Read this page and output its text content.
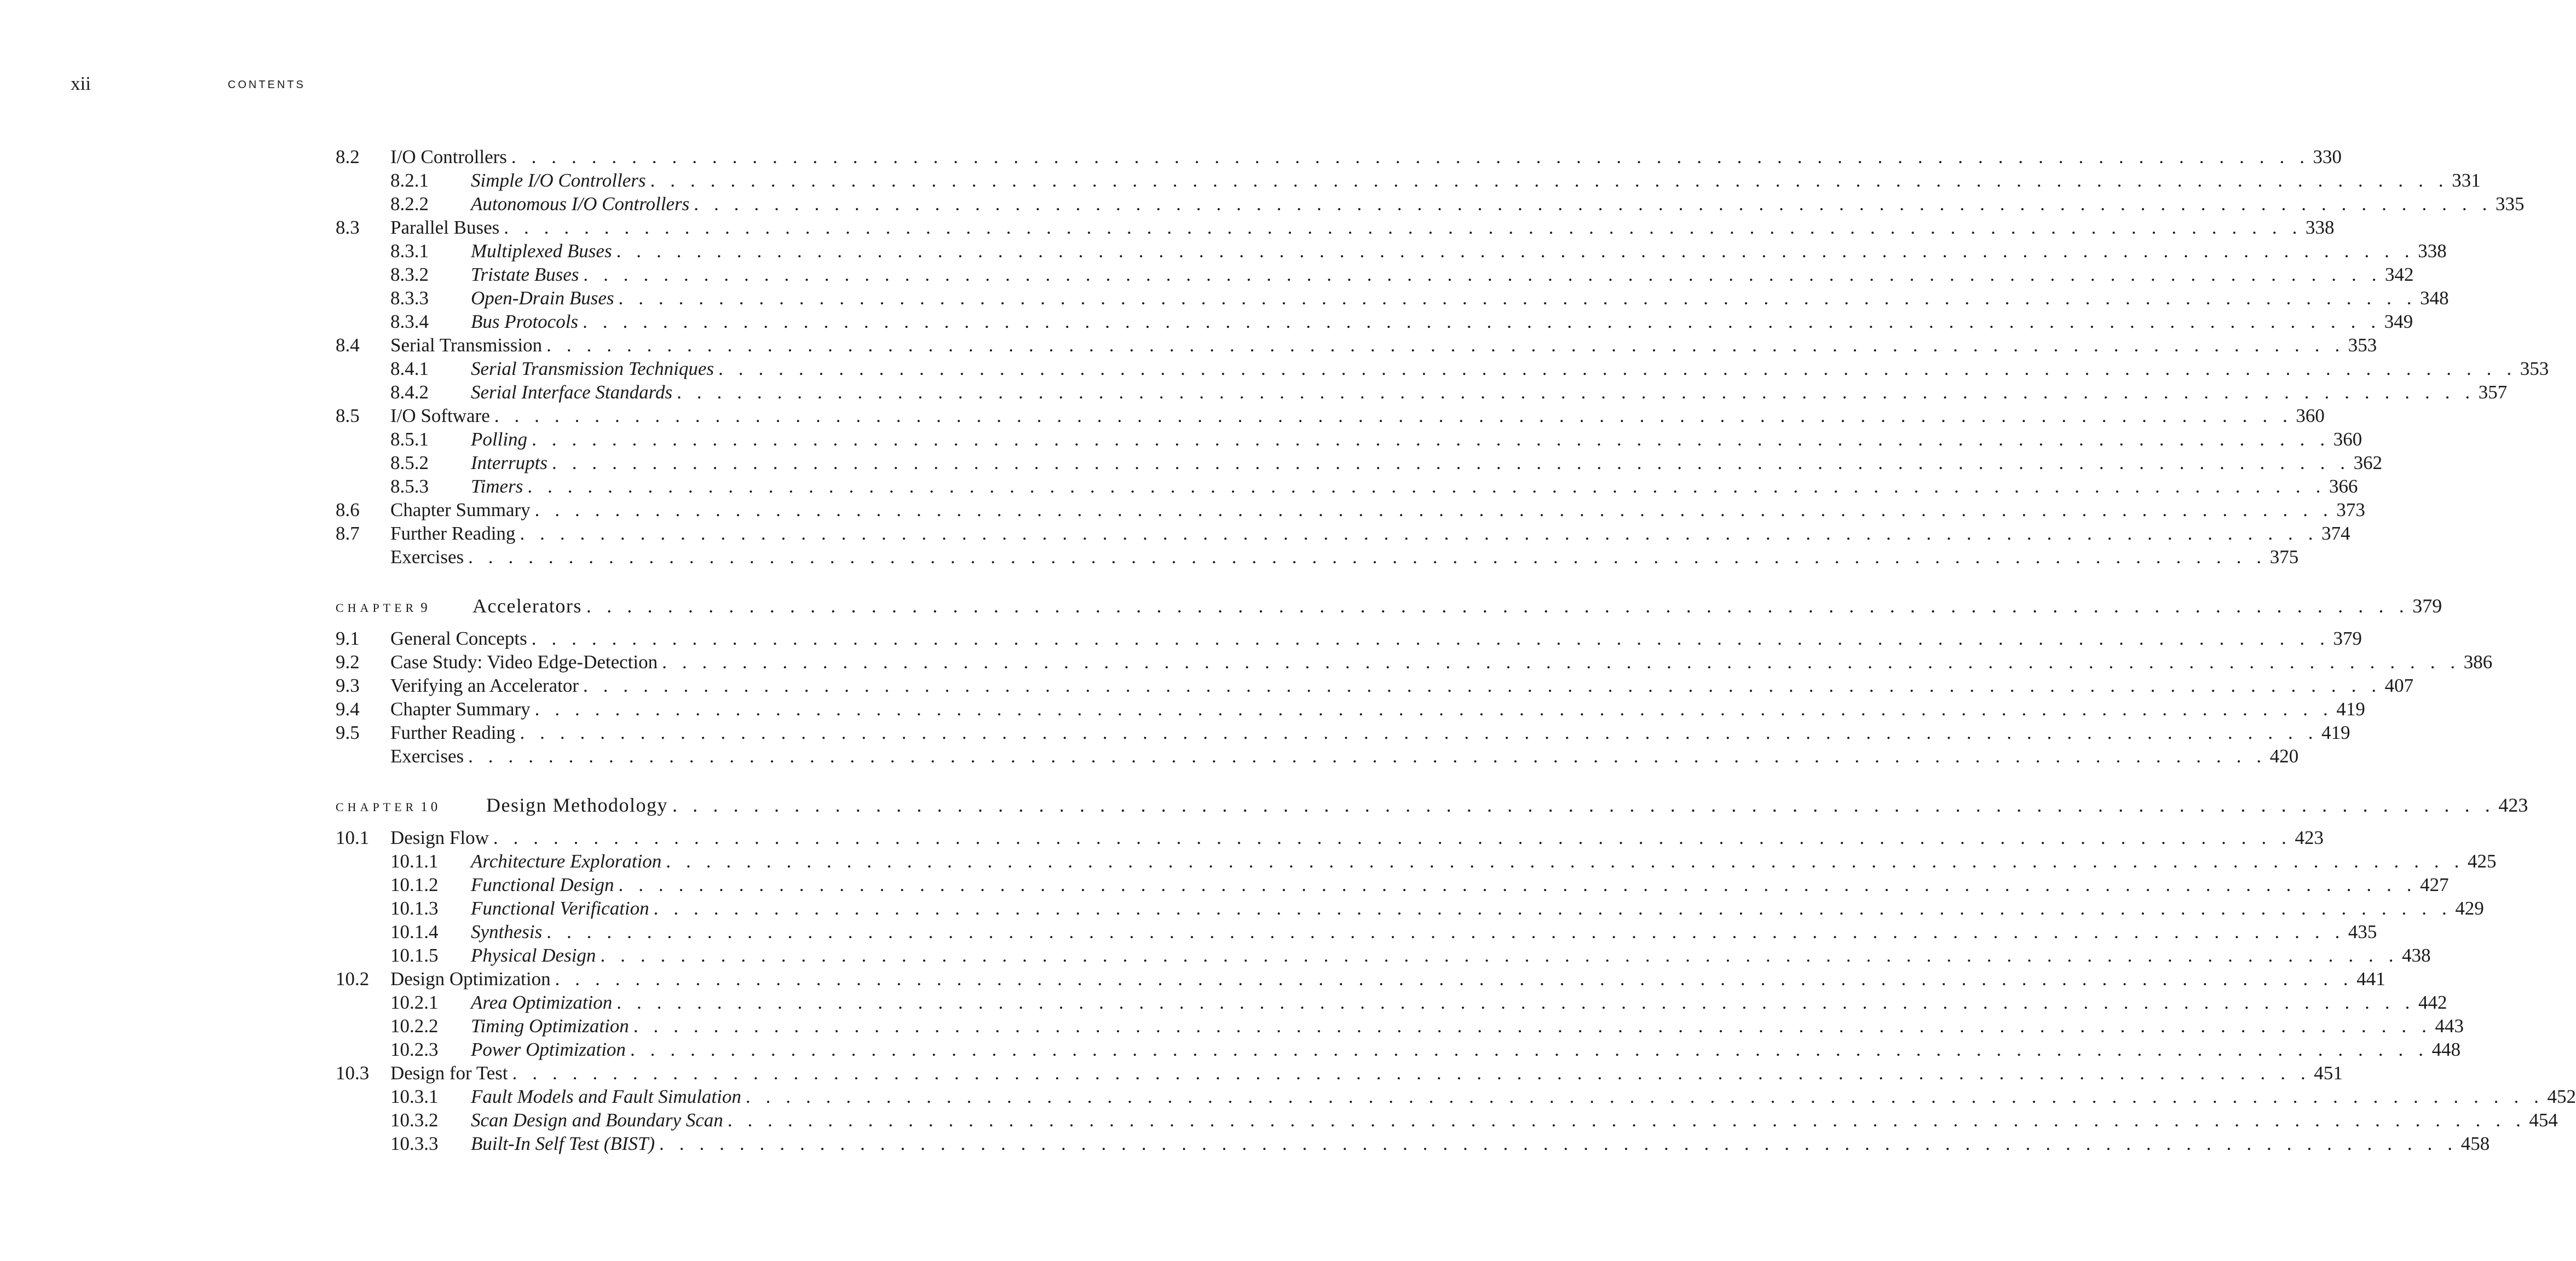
xii	CONTENTS
8.2 I/O Controllers . . . . . . . . . . . . . . . . . . . . . . . . . . . . . . . . . . . . . . . . . . . . . . . . . . . . . . . . . . . . . . . . . . . . . . . . . . . . . . . . . . . . . . . . . . 330
8.2.1 Simple I/O Controllers . . . . . . . . . . . . . . . . . . . . . . . . . . . . . . . . . . . . . . . . . . . . . . . . . . . . . . . . . . . . . . . . . . . . . . . . . . . . . . . . . . . . . . . . . . 331
8.2.2 Autonomous I/O Controllers . . . . . . . . . . . . . . . . . . . . . . . . . . . . . . . . . . . . . . . . . . . . . . . . . . . . . . . . . . . . . . . . . . . . . . . . . . . . . . . . . . . . . . . . . . 335
8.3 Parallel Buses . . . . . . . . . . . . . . . . . . . . . . . . . . . . . . . . . . . . . . . . . . . . . . . . . . . . . . . . . . . . . . . . . . . . . . . . . . . . . . . . . . . . . . . . . . 338
8.3.1 Multiplexed Buses . . . . . . . . . . . . . . . . . . . . . . . . . . . . . . . . . . . . . . . . . . . . . . . . . . . . . . . . . . . . . . . . . . . . . . . . . . . . . . . . . . . . . . . . . . 338
8.3.2 Tristate Buses . . . . . . . . . . . . . . . . . . . . . . . . . . . . . . . . . . . . . . . . . . . . . . . . . . . . . . . . . . . . . . . . . . . . . . . . . . . . . . . . . . . . . . . . . . 342
8.3.3 Open-Drain Buses . . . . . . . . . . . . . . . . . . . . . . . . . . . . . . . . . . . . . . . . . . . . . . . . . . . . . . . . . . . . . . . . . . . . . . . . . . . . . . . . . . . . . . . . . . 348
8.3.4 Bus Protocols . . . . . . . . . . . . . . . . . . . . . . . . . . . . . . . . . . . . . . . . . . . . . . . . . . . . . . . . . . . . . . . . . . . . . . . . . . . . . . . . . . . . . . . . . . 349
8.4 Serial Transmission . . . . . . . . . . . . . . . . . . . . . . . . . . . . . . . . . . . . . . . . . . . . . . . . . . . . . . . . . . . . . . . . . . . . . . . . . . . . . . . . . . . . . . . . . . 353
8.4.1 Serial Transmission Techniques . . . . . . . . . . . . . . . . . . . . . . . . . . . . . . . . . . . . . . . . . . . . . . . . . . . . . . . . . . . . . . . . . . . . . . . . . . . . . . . . . . . . . . . . . . 353
8.4.2 Serial Interface Standards . . . . . . . . . . . . . . . . . . . . . . . . . . . . . . . . . . . . . . . . . . . . . . . . . . . . . . . . . . . . . . . . . . . . . . . . . . . . . . . . . . . . . . . . . . 357
8.5 I/O Software . . . . . . . . . . . . . . . . . . . . . . . . . . . . . . . . . . . . . . . . . . . . . . . . . . . . . . . . . . . . . . . . . . . . . . . . . . . . . . . . . . . . . . . . . . 360
8.5.1 Polling . . . . . . . . . . . . . . . . . . . . . . . . . . . . . . . . . . . . . . . . . . . . . . . . . . . . . . . . . . . . . . . . . . . . . . . . . . . . . . . . . . . . . . . . . . 360
8.5.2 Interrupts . . . . . . . . . . . . . . . . . . . . . . . . . . . . . . . . . . . . . . . . . . . . . . . . . . . . . . . . . . . . . . . . . . . . . . . . . . . . . . . . . . . . . . . . . . 362
8.5.3 Timers . . . . . . . . . . . . . . . . . . . . . . . . . . . . . . . . . . . . . . . . . . . . . . . . . . . . . . . . . . . . . . . . . . . . . . . . . . . . . . . . . . . . . . . . . . 366
8.6 Chapter Summary . . . . . . . . . . . . . . . . . . . . . . . . . . . . . . . . . . . . . . . . . . . . . . . . . . . . . . . . . . . . . . . . . . . . . . . . . . . . . . . . . . . . . . . . . . 373
8.7 Further Reading . . . . . . . . . . . . . . . . . . . . . . . . . . . . . . . . . . . . . . . . . . . . . . . . . . . . . . . . . . . . . . . . . . . . . . . . . . . . . . . . . . . . . . . . . . 374
Exercises . . . . . . . . . . . . . . . . . . . . . . . . . . . . . . . . . . . . . . . . . . . . . . . . . . . . . . . . . . . . . . . . . . . . . . . . . . . . . . . . . . . . . . . . . . 375
CHAPTER 9 Accelerators . . . . . . . . . . . . . . . . . . . . . . . . . . . . . . . . . . . . . . . . . . . . . . . . . . . . . . . . . . . . . . . . . . . . . . . . . . . . . . . . . . . . . . . . . . 379
9.1 General Concepts . . . . . . . . . . . . . . . . . . . . . . . . . . . . . . . . . . . . . . . . . . . . . . . . . . . . . . . . . . . . . . . . . . . . . . . . . . . . . . . . . . . . . . . . . . 379
9.2 Case Study: Video Edge-Detection . . . . . . . . . . . . . . . . . . . . . . . . . . . . . . . . . . . . . . . . . . . . . . . . . . . . . . . . . . . . . . . . . . . . . . . . . . . . . . . . . . . . . . . . . . 386
9.3 Verifying an Accelerator . . . . . . . . . . . . . . . . . . . . . . . . . . . . . . . . . . . . . . . . . . . . . . . . . . . . . . . . . . . . . . . . . . . . . . . . . . . . . . . . . . . . . . . . . . 407
9.4 Chapter Summary . . . . . . . . . . . . . . . . . . . . . . . . . . . . . . . . . . . . . . . . . . . . . . . . . . . . . . . . . . . . . . . . . . . . . . . . . . . . . . . . . . . . . . . . . . 419
9.5 Further Reading . . . . . . . . . . . . . . . . . . . . . . . . . . . . . . . . . . . . . . . . . . . . . . . . . . . . . . . . . . . . . . . . . . . . . . . . . . . . . . . . . . . . . . . . . . 419
Exercises . . . . . . . . . . . . . . . . . . . . . . . . . . . . . . . . . . . . . . . . . . . . . . . . . . . . . . . . . . . . . . . . . . . . . . . . . . . . . . . . . . . . . . . . . . 420
CHAPTER 10 Design Methodology . . . . . . . . . . . . . . . . . . . . . . . . . . . . . . . . . . . . . . . . . . . . . . . . . . . . . . . . . . . . . . . . . . . . . . . . . . . . . . . . . . . . . . . . . . 423
10.1 Design Flow . . . . . . . . . . . . . . . . . . . . . . . . . . . . . . . . . . . . . . . . . . . . . . . . . . . . . . . . . . . . . . . . . . . . . . . . . . . . . . . . . . . . . . . . . . 423
10.1.1 Architecture Exploration . . . . . . . . . . . . . . . . . . . . . . . . . . . . . . . . . . . . . . . . . . . . . . . . . . . . . . . . . . . . . . . . . . . . . . . . . . . . . . . . . . . . . . . . . . 425
10.1.2 Functional Design . . . . . . . . . . . . . . . . . . . . . . . . . . . . . . . . . . . . . . . . . . . . . . . . . . . . . . . . . . . . . . . . . . . . . . . . . . . . . . . . . . . . . . . . . . 427
10.1.3 Functional Verification . . . . . . . . . . . . . . . . . . . . . . . . . . . . . . . . . . . . . . . . . . . . . . . . . . . . . . . . . . . . . . . . . . . . . . . . . . . . . . . . . . . . . . . . . . 429
10.1.4 Synthesis . . . . . . . . . . . . . . . . . . . . . . . . . . . . . . . . . . . . . . . . . . . . . . . . . . . . . . . . . . . . . . . . . . . . . . . . . . . . . . . . . . . . . . . . . . 435
10.1.5 Physical Design . . . . . . . . . . . . . . . . . . . . . . . . . . . . . . . . . . . . . . . . . . . . . . . . . . . . . . . . . . . . . . . . . . . . . . . . . . . . . . . . . . . . . . . . . . 438
10.2 Design Optimization . . . . . . . . . . . . . . . . . . . . . . . . . . . . . . . . . . . . . . . . . . . . . . . . . . . . . . . . . . . . . . . . . . . . . . . . . . . . . . . . . . . . . . . . . . 441
10.2.1 Area Optimization . . . . . . . . . . . . . . . . . . . . . . . . . . . . . . . . . . . . . . . . . . . . . . . . . . . . . . . . . . . . . . . . . . . . . . . . . . . . . . . . . . . . . . . . . . 442
10.2.2 Timing Optimization . . . . . . . . . . . . . . . . . . . . . . . . . . . . . . . . . . . . . . . . . . . . . . . . . . . . . . . . . . . . . . . . . . . . . . . . . . . . . . . . . . . . . . . . . . 443
10.2.3 Power Optimization . . . . . . . . . . . . . . . . . . . . . . . . . . . . . . . . . . . . . . . . . . . . . . . . . . . . . . . . . . . . . . . . . . . . . . . . . . . . . . . . . . . . . . . . . . 448
10.3 Design for Test . . . . . . . . . . . . . . . . . . . . . . . . . . . . . . . . . . . . . . . . . . . . . . . . . . . . . . . . . . . . . . . . . . . . . . . . . . . . . . . . . . . . . . . . . . 451
10.3.1 Fault Models and Fault Simulation . . . . . . . . . . . . . . . . . . . . . . . . . . . . . . . . . . . . . . . . . . . . . . . . . . . . . . . . . . . . . . . . . . . . . . . . . . . . . . . . . . . . . . . . . . 452
10.3.2 Scan Design and Boundary Scan . . . . . . . . . . . . . . . . . . . . . . . . . . . . . . . . . . . . . . . . . . . . . . . . . . . . . . . . . . . . . . . . . . . . . . . . . . . . . . . . . . . . . . . . . . 454
10.3.3 Built-In Self Test (BIST) . . . . . . . . . . . . . . . . . . . . . . . . . . . . . . . . . . . . . . . . . . . . . . . . . . . . . . . . . . . . . . . . . . . . . . . . . . . . . . . . . . . . . . . . . . 458
